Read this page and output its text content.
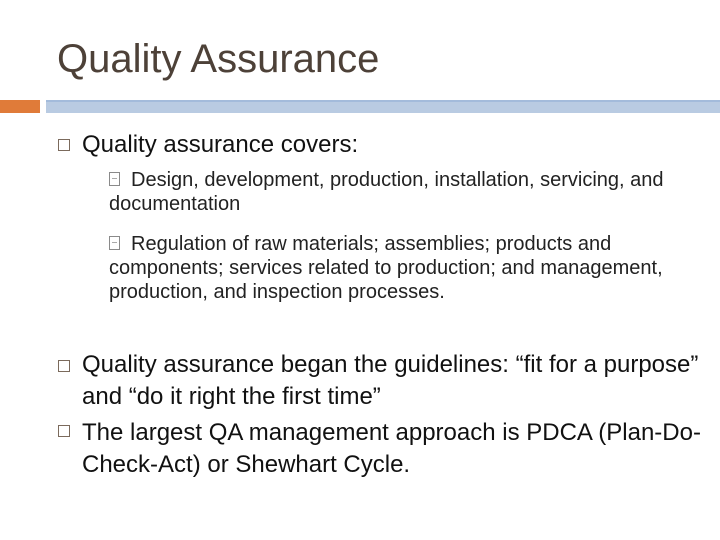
Quality Assurance
Quality assurance covers:
Design, development, production, installation, servicing, and documentation
Regulation of raw materials; assemblies; products and components; services related to production; and management, production, and inspection processes.
Quality assurance began the guidelines: “fit for a purpose” and “do it right the first time”
The largest QA management approach is PDCA (Plan-Do-Check-Act) or Shewhart Cycle.
